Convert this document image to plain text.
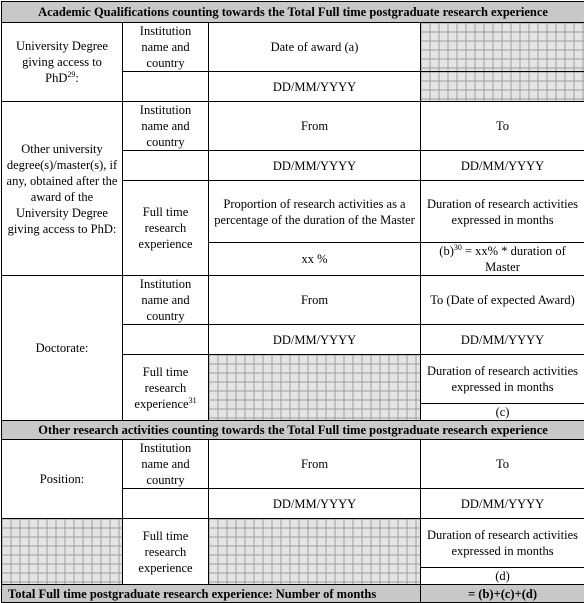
Academic Qualifications counting towards the Total Full time postgraduate research experience			
University Degree giving access to PhD$^{29}$:	Institution name and country	Date of award (a)	
		DD/MM/YYYY	
Other university degree(s)/master(s), if any, obtained after the award of the University Degree giving access to PhD:	Institution name and country	From	To
		DD/MM/YYYY	DD/MM/YYYY
	Full time research experience	Proportion of research activities as a percentage of the duration of the Master	Duration of research activities expressed in months
		xx %	$(b)^{30} = xx\%$ * duration of Master
Doctorate:	Institution name and country	From	To (Date of expected Award)
		DD/MM/YYYY	DD/MM/YYYY
	Full time research experience$^{31}$		Duration of research activities expressed in months
			(c)
Other research activities counting towards the Total Full time postgraduate research experience			
Position:	Institution name and country	From	To
		DD/MM/YYYY	DD/MM/YYYY
	Full time research experience		Duration of research activities expressed in months
			(d)
Total Full time postgraduate research experience: Number of months			= (b)+(c)+(d)
